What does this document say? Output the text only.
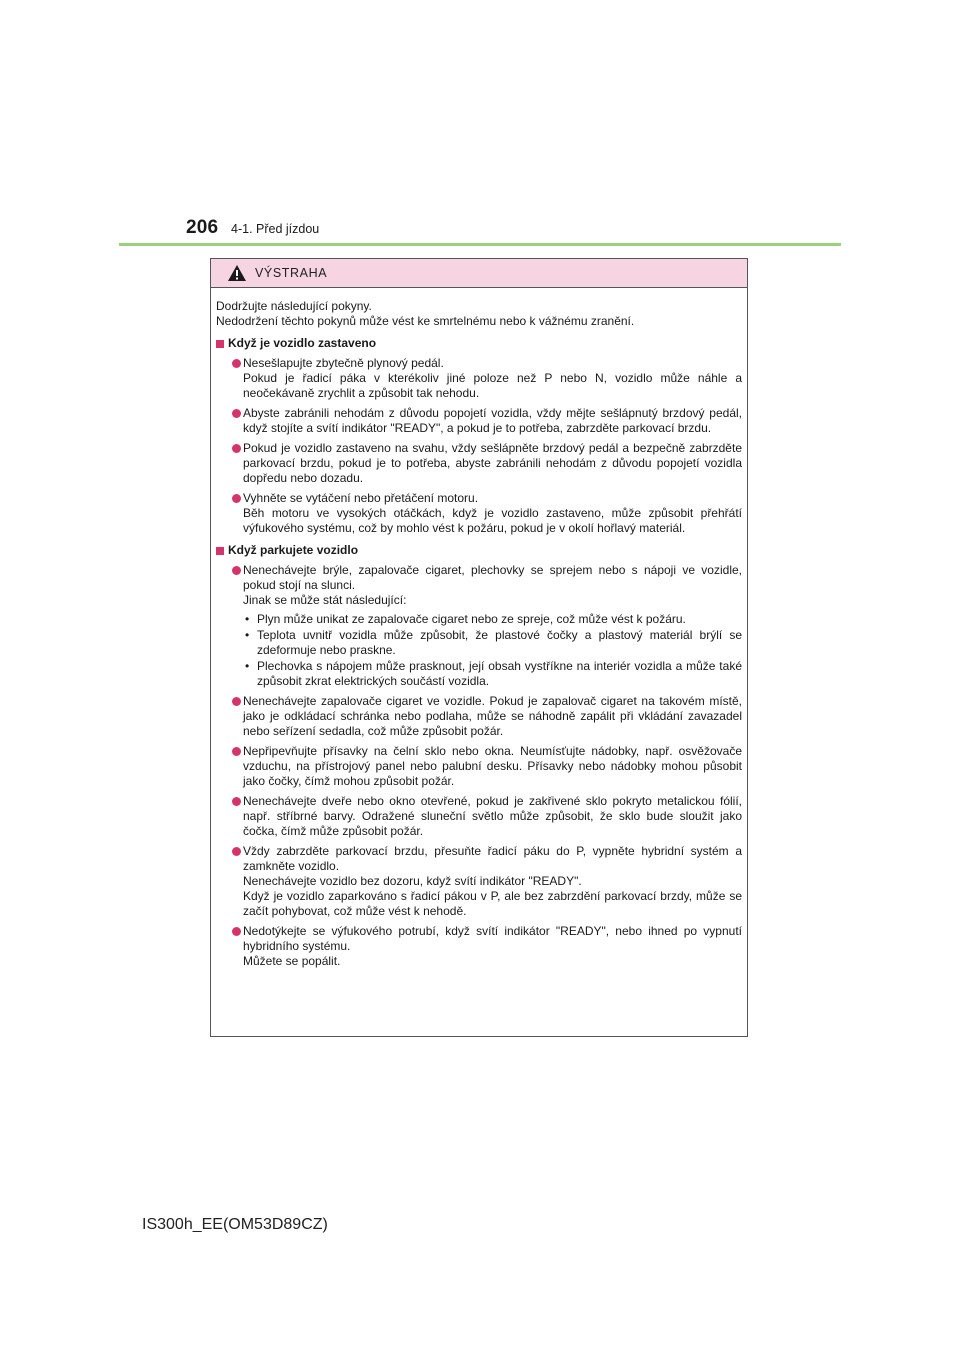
206 4-1. Před jízdou
VÝSTRAHA

Dodržujte následující pokyny.

Nedodržení těchto pokynů může vést ke smrtelnému nebo k vážnému zranění.

Když je vozidlo zastaveno

Nesešlapujte zbytečně plynový pedál.

Pokud je řadicí páka v kterékoliv jiné poloze než P nebo N, vozidlo může náhle a neočekávaně zrychlit a způsobit tak nehodu.

Abyste zabránili nehodám z důvodu popojetí vozidla, vždy mějte sešlápnutý brzdový pedál, když stojíte a svítí indikátor "READY", a pokud je to potřeba, zabrzděte parkovací brzdu.

Pokud je vozidlo zastaveno na svahu, vždy sešlápněte brzdový pedál a bezpečně zabrzděte parkovací brzdu, pokud je to potřeba, abyste zabránili nehodám z důvodu popojetí vozidla dopředu nebo dozadu.

Vyhněte se vytáčení nebo přetáčení motoru.

Běh motoru ve vysokých otáčkách, když je vozidlo zastaveno, může způsobit přehřátí výfukového systému, což by mohlo vést k požáru, pokud je v okolí hořlavý materiál.

Když parkujete vozidlo

Nenechávejte brýle, zapalovače cigaret, plechovky se sprejem nebo s nápoji ve vozidle, pokud stojí na slunci.

Jinak se může stát následující:

• Plyn může unikat ze zapalovače cigaret nebo ze spreje, což může vést k požáru.
• Teplota uvnitř vozidla může způsobit, že plastové čočky a plastový materiál brýlí se zdeformuje nebo praskne.
• Plechovka s nápojem může prasknout, její obsah vystříkne na interiér vozidla a může také způsobit zkrat elektrických součástí vozidla.

Nenechávejte zapalovače cigaret ve vozidle. Pokud je zapalovač cigaret na takovém místě, jako je odkládací schránka nebo podlaha, může se náhodně zapálit při vkládání zavazadel nebo seřízení sedadla, což může způsobit požár.

Nepřipevňujte přísavky na čelní sklo nebo okna. Neumísťujte nádobky, např. osvěžovače vzduchu, na přístrojový panel nebo palubní desku. Přísavky nebo nádobky mohou působit jako čočky, čímž mohou způsobit požár.

Nenechávejte dveře nebo okno otevřené, pokud je zakřivené sklo pokryto metalickou fólií, např. stříbrné barvy. Odražené sluneční světlo může způsobit, že sklo bude sloužit jako čočka, čímž může způsobit požár.

Vždy zabrzděte parkovací brzdu, přesuňte řadicí páku do P, vypněte hybridní systém a zamkněte vozidlo.

Nenechávejte vozidlo bez dozoru, když svítí indikátor "READY".

Když je vozidlo zaparkováno s řadicí pákou v P, ale bez zabrzdění parkovací brzdy, může se začít pohybovat, což může vést k nehodě.

Nedotýkejte se výfukového potrubí, když svítí indikátor "READY", nebo ihned po vypnutí hybridního systému.

Můžete se popálit.

IS300h_EE(OM53D89CZ)
